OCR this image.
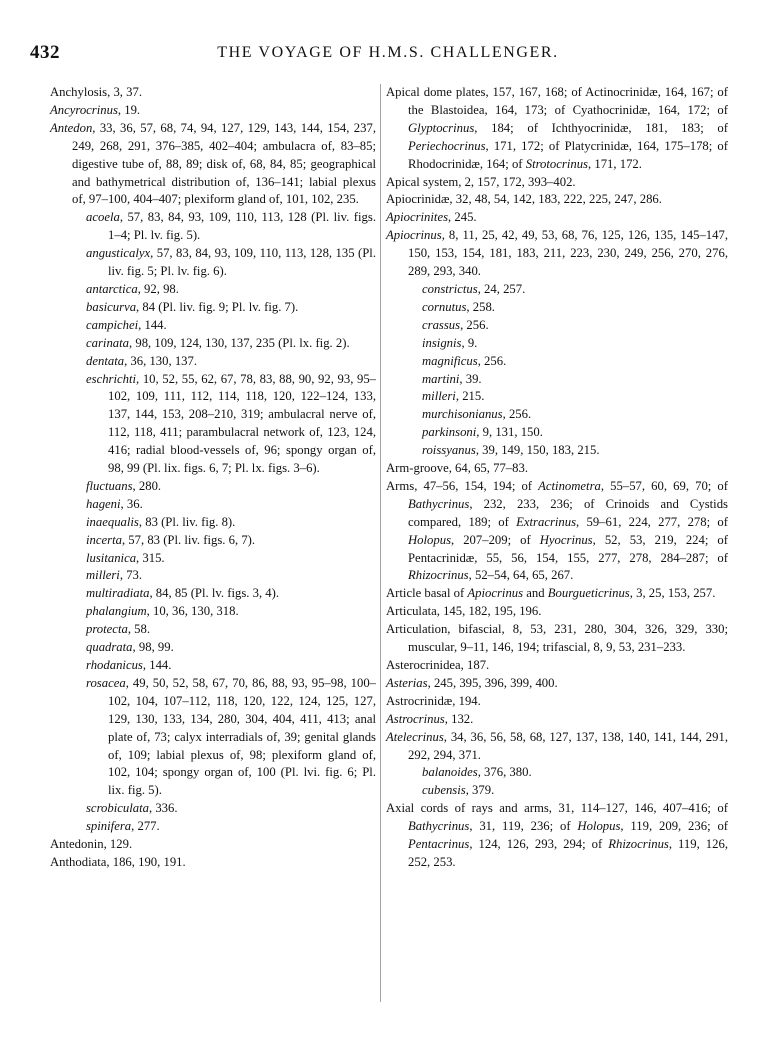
432	THE VOYAGE OF H.M.S. CHALLENGER.

Anchylosis, 3, 37.

Ancyrocrinus, 19.

Antedon, 33, 36, 57, 68, 74, 94, 127, 129, 143, 144, 154, 237, 249, 268, 291, 376–385, 402–404; ambulacra of, 83–85; digestive tube of, 88, 89; disk of, 68, 84, 85; geographical and bathymetrical distribution of, 136–141; labial plexus of, 97–100, 404–407; plexiform gland of, 101, 102, 235.

acoela, 57, 83, 84, 93, 109, 110, 113, 128 (Pl. liv. figs. 1–4; Pl. lv. fig. 5).

angusticalyx, 57, 83, 84, 93, 109, 110, 113, 128, 135 (Pl. liv. fig. 5; Pl. lv. fig. 6).

antarctica, 92, 98.

basicurva, 84 (Pl. liv. fig. 9; Pl. lv. fig. 7).

campichei, 144.

carinata, 98, 109, 124, 130, 137, 235 (Pl. lx. fig. 2).

dentata, 36, 130, 137.

eschrichti, 10, 52, 55, 62, 67, 78, 83, 88, 90, 92, 93, 95–102, 109, 111, 112, 114, 118, 120, 122–124, 133, 137, 144, 153, 208–210, 319; ambulacral nerve of, 112, 118, 411; parambulacral network of, 123, 124, 416; radial blood-vessels of, 96; spongy organ of, 98, 99 (Pl. lix. figs. 6, 7; Pl. lx. figs. 3–6).

fluctuans, 280.

hageni, 36.

inaequalis, 83 (Pl. liv. fig. 8).

incerta, 57, 83 (Pl. liv. figs. 6, 7).

lusitanica, 315.

milleri, 73.

multiradiata, 84, 85 (Pl. lv. figs. 3, 4).

phalangium, 10, 36, 130, 318.

protecta, 58.

quadrata, 98, 99.

rhodanicus, 144.

rosacea, 49, 50, 52, 58, 67, 70, 86, 88, 93, 95–98, 100–102, 104, 107–112, 118, 120, 122, 124, 125, 127, 129, 130, 133, 134, 280, 304, 404, 411, 413; anal plate of, 73; calyx interradials of, 39; genital glands of, 109; labial plexus of, 98; plexiform gland of, 102, 104; spongy organ of, 100 (Pl. lvi. fig. 6; Pl. lix. fig. 5).

scrobiculata, 336.

spinifera, 277.

Antedonin, 129.

Anthodiata, 186, 190, 191.

Apical dome plates, 157, 167, 168; of Actinocrinidæ, 164, 167; of the Blastoidea, 164, 173; of Cyathocrinidæ, 164, 172; of Glyptocrinus, 184; of Ichthyocrinidæ, 181, 183; of Periechocrinus, 171, 172; of Platycrinidæ, 164, 175–178; of Rhodocrinidæ, 164; of Strotocrinus, 171, 172.

Apical system, 2, 157, 172, 393–402.

Apiocrinidæ, 32, 48, 54, 142, 183, 222, 225, 247, 286.

Apiocrinites, 245.

Apiocrinus, 8, 11, 25, 42, 49, 53, 68, 76, 125, 126, 135, 145–147, 150, 153, 154, 181, 183, 211, 223, 230, 249, 256, 270, 276, 289, 293, 340.

constrictus, 24, 257.

cornutus, 258.

crassus, 256.

insignis, 9.

magnificus, 256.

martini, 39.

milleri, 215.

murchisonianus, 256.

parkinsoni, 9, 131, 150.

roissyanus, 39, 149, 150, 183, 215.

Arm-groove, 64, 65, 77–83.

Arms, 47–56, 154, 194; of Actinometra, 55–57, 60, 69, 70; of Bathycrinus, 232, 233, 236; of Crinoids and Cystids compared, 189; of Extracrinus, 59–61, 224, 277, 278; of Holopus, 207–209; of Hyocrinus, 52, 53, 219, 224; of Pentacrinidæ, 55, 56, 154, 155, 277, 278, 284–287; of Rhizocrinus, 52–54, 64, 65, 267.

Article basal of Apiocrinus and Bourgueticrinus, 3, 25, 153, 257.

Articulata, 145, 182, 195, 196.

Articulation, bifascial, 8, 53, 231, 280, 304, 326, 329, 330; muscular, 9–11, 146, 194; trifascial, 8, 9, 53, 231–233.

Asterocrinidea, 187.

Asterias, 245, 395, 396, 399, 400.

Astrocrinidæ, 194.

Astrocrinus, 132.

Atelecrinus, 34, 36, 56, 58, 68, 127, 137, 138, 140, 141, 144, 291, 292, 294, 371.

balanoides, 376, 380.

cubensis, 379.

Axial cords of rays and arms, 31, 114–127, 146, 407–416; of Bathycrinus, 31, 119, 236; of Holopus, 119, 209, 236; of Pentacrinus, 124, 126, 293, 294; of Rhizocrinus, 119, 126, 252, 253.
